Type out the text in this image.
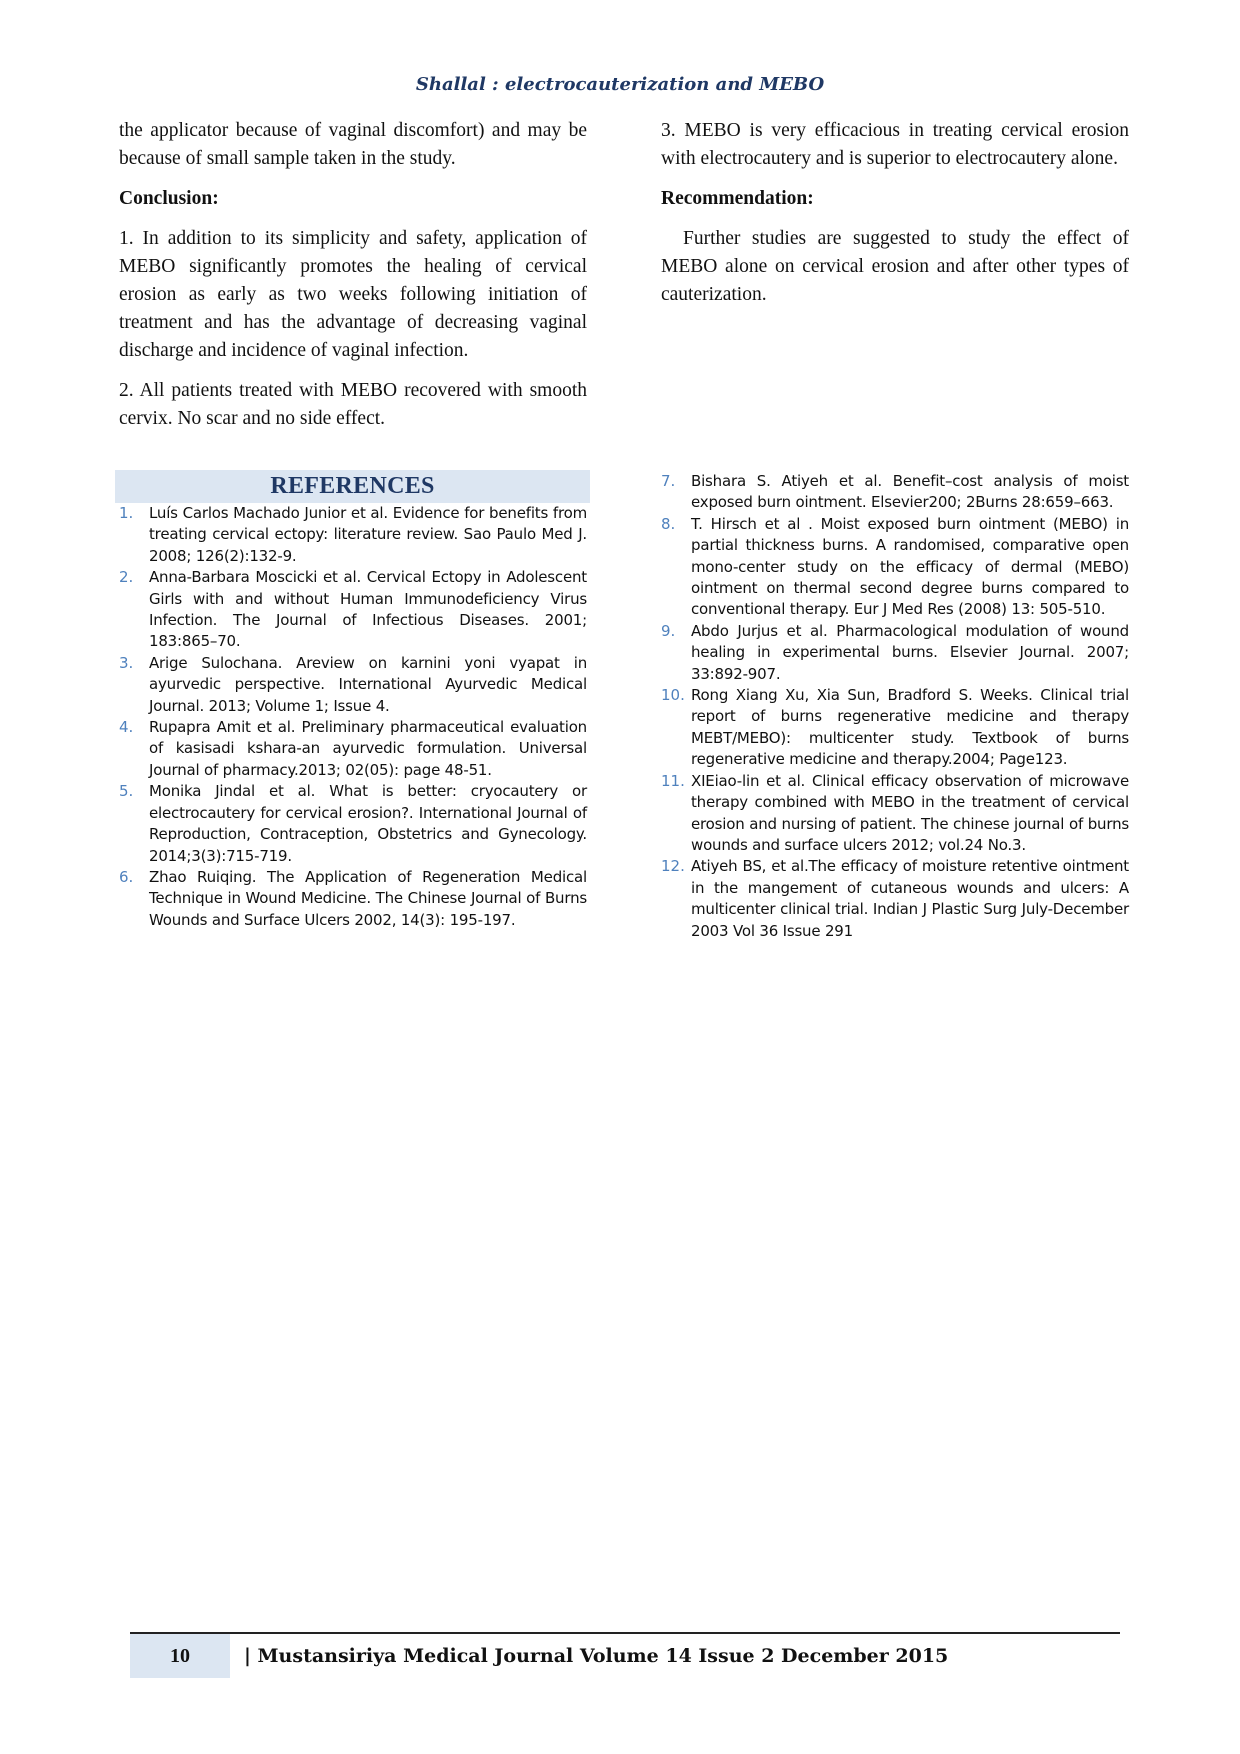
Shallal : electrocauterization and MEBO

the applicator because of vaginal discomfort) and may be because of small sample taken in the study.

Conclusion:

1. In addition to its simplicity and safety, application of MEBO significantly promotes the healing of cervical erosion as early as two weeks following initiation of treatment and has the advantage of decreasing vaginal discharge and incidence of vaginal infection.

2. All patients treated with MEBO recovered with smooth cervix. No scar and no side effect.

3. MEBO is very efficacious in treating cervical erosion with electrocautery and is superior to electrocautery alone.

Recommendation:

Further studies are suggested to study the effect of MEBO alone on cervical erosion and after other types of cauterization.

REFERENCES
1. Luís Carlos Machado Junior et al. Evidence for benefits from treating cervical ectopy: literature review. Sao Paulo Med J. 2008; 126(2):132-9.
2. Anna-Barbara Moscicki et al. Cervical Ectopy in Adolescent Girls with and without Human Immunodeficiency Virus Infection. The Journal of Infectious Diseases. 2001; 183:865–70.
3. Arige Sulochana. Areview on karnini yoni vyapat in ayurvedic perspective. International Ayurvedic Medical Journal. 2013; Volume 1; Issue 4.
4. Rupapra Amit et al. Preliminary pharmaceutical evaluation of kasisadi kshara-an ayurvedic formulation. Universal Journal of pharmacy.2013; 02(05): page 48-51.
5. Monika Jindal et al. What is better: cryocautery or electrocautery for cervical erosion?. International Journal of Reproduction, Contraception, Obstetrics and Gynecology. 2014;3(3):715-719.
6. Zhao Ruiqing. The Application of Regeneration Medical Technique in Wound Medicine. The Chinese Journal of Burns Wounds and Surface Ulcers 2002, 14(3): 195-197.
7. Bishara S. Atiyeh et al. Benefit–cost analysis of moist exposed burn ointment. Elsevier200; 2Burns 28:659–663.
8. T. Hirsch et al . Moist exposed burn ointment (MEBO) in partial thickness burns. A randomised, comparative open mono-center study on the efficacy of dermal (MEBO) ointment on thermal second degree burns compared to conventional therapy. Eur J Med Res (2008) 13: 505-510.
9. Abdo Jurjus et al. Pharmacological modulation of wound healing in experimental burns. Elsevier Journal. 2007; 33:892-907.
10. Rong Xiang Xu, Xia Sun, Bradford S. Weeks. Clinical trial report of burns regenerative medicine and therapy MEBT/MEBO): multicenter study. Textbook of burns regenerative medicine and therapy.2004; Page123.
11. XIEiao-lin et al. Clinical efficacy observation of microwave therapy combined with MEBO in the treatment of cervical erosion and nursing of patient. The chinese journal of burns wounds and surface ulcers 2012; vol.24 No.3.
12. Atiyeh BS, et al.The efficacy of moisture retentive ointment in the mangement of cutaneous wounds and ulcers: A multicenter clinical trial. Indian J Plastic Surg July-December 2003 Vol 36 Issue 291
10	| Mustansiriya Medical Journal Volume 14 Issue 2 December 2015
